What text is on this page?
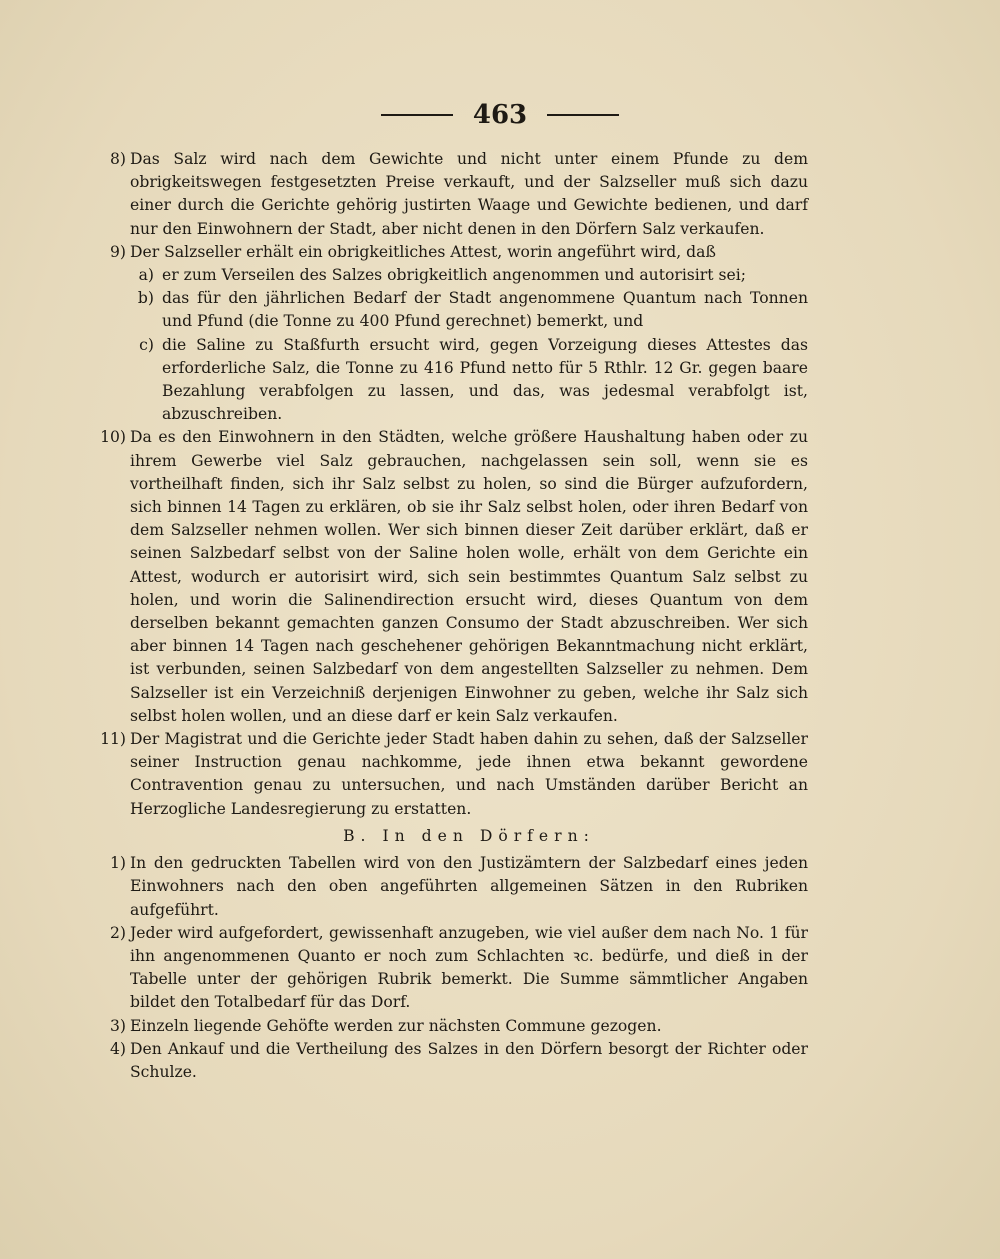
463
8) Das Salz wird nach dem Gewichte und nicht unter einem Pfunde zu dem obrigkeitswegen festgesetzten Preise verkauft, und der Salzseller muß sich dazu einer durch die Gerichte gehörig justirten Waage und Gewichte bedienen, und darf nur den Einwohnern der Stadt, aber nicht denen in den Dörfern Salz verkaufen.
9) Der Salzseller erhält ein obrigkeitliches Attest, worin angeführt wird, daß
a) er zum Verseilen des Salzes obrigkeitlich angenommen und autorisirt sei;
b) das für den jährlichen Bedarf der Stadt angenommene Quantum nach Tonnen und Pfund (die Tonne zu 400 Pfund gerechnet) bemerkt, und
c) die Saline zu Staßfurth ersucht wird, gegen Vorzeigung dieses Attestes das erforderliche Salz, die Tonne zu 416 Pfund netto für 5 Rthlr. 12 Gr. gegen baare Bezahlung verabfolgen zu lassen, und das, was jedesmal verabfolgt ist, abzuschreiben.
10) Da es den Einwohnern in den Städten, welche größere Haushaltung haben oder zu ihrem Gewerbe viel Salz gebrauchen, nachgelassen sein soll, wenn sie es vortheilhaft finden, sich ihr Salz selbst zu holen, so sind die Bürger aufzufordern, sich binnen 14 Tagen zu erklären, ob sie ihr Salz selbst holen, oder ihren Bedarf von dem Salzseller nehmen wollen. Wer sich binnen dieser Zeit darüber erklärt, daß er seinen Salzbedarf selbst von der Saline holen wolle, erhält von dem Gerichte ein Attest, wodurch er autorisirt wird, sich sein bestimmtes Quantum Salz selbst zu holen, und worin die Salinendirection ersucht wird, dieses Quantum von dem derselben bekannt gemachten ganzen Consumo der Stadt abzuschreiben. Wer sich aber binnen 14 Tagen nach geschehener gehörigen Bekanntmachung nicht erklärt, ist verbunden, seinen Salzbedarf von dem angestellten Salzseller zu nehmen. Dem Salzseller ist ein Verzeichniß derjenigen Einwohner zu geben, welche ihr Salz sich selbst holen wollen, und an diese darf er kein Salz verkaufen.
11) Der Magistrat und die Gerichte jeder Stadt haben dahin zu sehen, daß der Salzseller seiner Instruction genau nachkomme, jede ihnen etwa bekannt gewordene Contravention genau zu untersuchen, und nach Umständen darüber Bericht an Herzogliche Landesregierung zu erstatten.
B. In den Dörfern:
1) In den gedruckten Tabellen wird von den Justizämtern der Salzbedarf eines jeden Einwohners nach den oben angeführten allgemeinen Sätzen in den Rubriken aufgeführt.
2) Jeder wird aufgefordert, gewissenhaft anzugeben, wie viel außer dem nach No. 1 für ihn angenommenen Quanto er noch zum Schlachten ꝛc. bedürfe, und dieß in der Tabelle unter der gehörigen Rubrik bemerkt. Die Summe sämmtlicher Angaben bildet den Totalbedarf für das Dorf.
3) Einzeln liegende Gehöfte werden zur nächsten Commune gezogen.
4) Den Ankauf und die Vertheilung des Salzes in den Dörfern besorgt der Richter oder Schulze.
